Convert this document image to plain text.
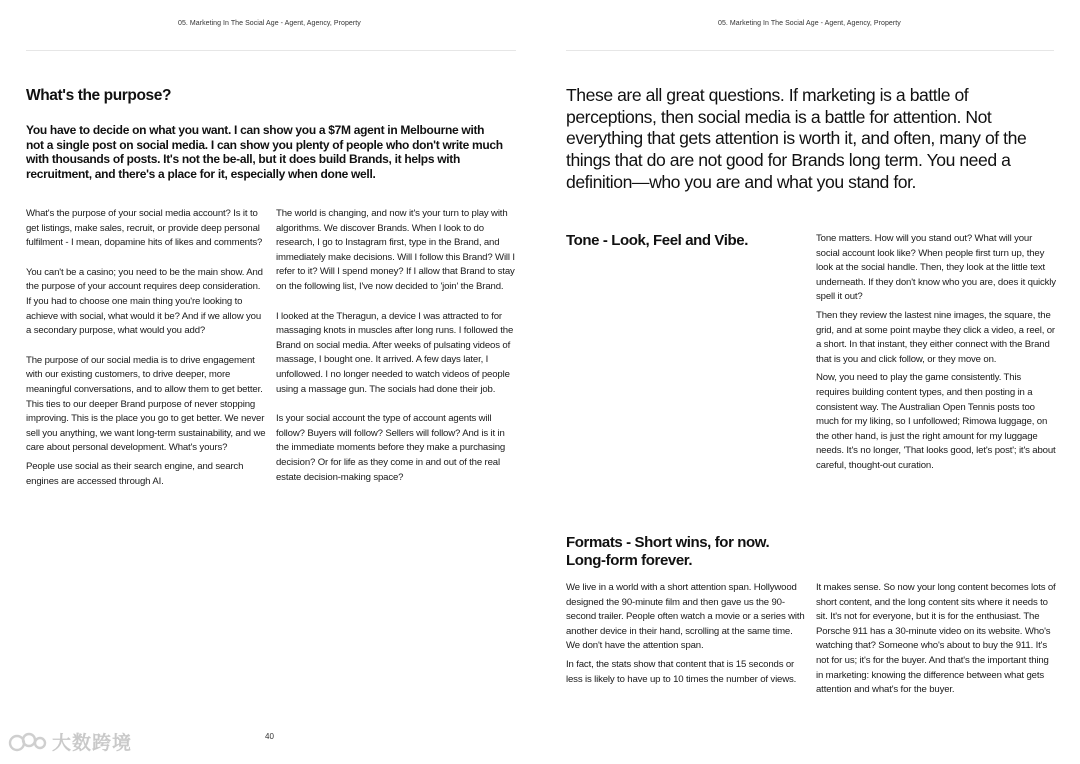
05. Marketing In The Social Age - Agent, Agency, Property
What's the purpose?

You have to decide on what you want. I can show you a $7M agent in Melbourne with not a single post on social media. I can show you plenty of people who don't write much with thousands of posts. It's not the be-all, but it does build Brands, it helps with recruitment, and there's a place for it, especially when done well.

What's the purpose of your social media account? Is it to get listings, make sales, recruit, or provide deep personal fulfilment - I mean, dopamine hits of likes and comments?

You can't be a casino; you need to be the main show. And the purpose of your account requires deep consideration. If you had to choose one main thing you're looking to achieve with social, what would it be? And if we allow you a secondary purpose, what would you add?

The purpose of our social media is to drive engagement with our existing customers, to drive deeper, more meaningful conversations, and to allow them to get better. This ties to our deeper Brand purpose of never stopping improving. This is the place you go to get better. We never sell you anything, we want long-term sustainability, and we care about personal development. What's yours?

People use social as their search engine, and search engines are accessed through AI.

The world is changing, and now it's your turn to play with algorithms. We discover Brands. When I look to do research, I go to Instagram first, type in the Brand, and immediately make decisions. Will I follow this Brand? Will I refer to it? Will I spend money? If I allow that Brand to stay on the following list, I've now decided to 'join' the Brand.

I looked at the Theragun, a device I was attracted to for massaging knots in muscles after long runs. I followed the Brand on social media. After weeks of pulsating videos of massage, I bought one. It arrived. A few days later, I unfollowed. I no longer needed to watch videos of people using a massage gun. The socials had done their job.

Is your social account the type of account agents will follow? Buyers will follow? Sellers will follow? And is it in the immediate moments before they make a purchasing decision? Or for life as they come in and out of the real estate decision-making space?

40
大数跨境
05. Marketing In The Social Age - Agent, Agency, Property

These are all great questions. If marketing is a battle of perceptions, then social media is a battle for attention. Not everything that gets attention is worth it, and often, many of the things that do are not good for Brands long term. You need a definition—who you are and what you stand for.

Tone - Look, Feel and Vibe.	Tone matters. How will you stand out? What will your social account look like? When people first turn up, they look at the social handle. Then, they look at the little text underneath. If they don't know who you are, does it quickly spell it out?

Then they review the lastest nine images, the square, the grid, and at some point maybe they click a video, a reel, or a short. In that instant, they either connect with the Brand that is you and click follow, or they move on.

Now, you need to play the game consistently. This requires building content types, and then posting in a consistent way. The Australian Open Tennis posts too much for my liking, so I unfollowed; Rimowa luggage, on the other hand, is just the right amount for my luggage needs. It's no longer, 'That looks good, let's post'; it's about careful, thought-out curation.

Formats - Short wins, for now.
Long-form forever.

We live in a world with a short attention span. Hollywood designed the 90-minute film and then gave us the 90-second trailer. People often watch a movie or a series with another device in their hand, scrolling at the same time. We don't have the attention span.

In fact, the stats show that content that is 15 seconds or less is likely to have up to 10 times the number of views.

It makes sense. So now your long content becomes lots of short content, and the long content sits where it needs to sit. It's not for everyone, but it is for the enthusiast. The Porsche 911 has a 30-minute video on its website. Who's watching that? Someone who's about to buy the 911. It's not for us; it's for the buyer. And that's the important thing in marketing: knowing the difference between what gets attention and what's for the buyer.
